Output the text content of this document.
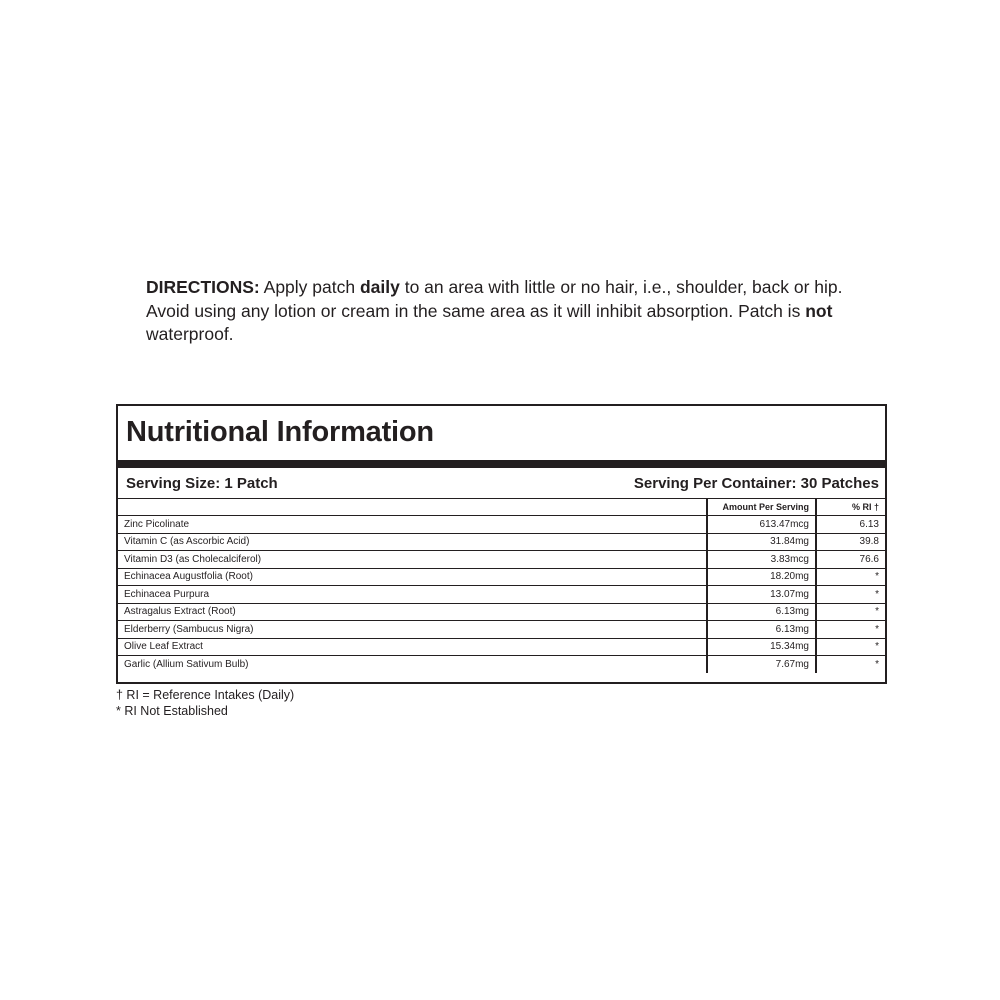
DIRECTIONS: Apply patch daily to an area with little or no hair, i.e., shoulder, back or hip. Avoid using any lotion or cream in the same area as it will inhibit absorption. Patch is not waterproof.
Nutritional Information
Serving Size: 1 Patch	Serving Per Container: 30 Patches
	Amount Per Serving	% RI †
Zinc Picolinate	613.47mcg	6.13
Vitamin C (as Ascorbic Acid)	31.84mg	39.8
Vitamin D3 (as Cholecalciferol)	3.83mcg	76.6
Echinacea Augustfolia (Root)	18.20mg	*
Echinacea Purpura	13.07mg	*
Astragalus Extract (Root)	6.13mg	*
Elderberry (Sambucus Nigra)	6.13mg	*
Olive Leaf Extract	15.34mg	*
Garlic (Allium Sativum Bulb)	7.67mg	*
† RI = Reference Intakes (Daily)
* RI Not Established
